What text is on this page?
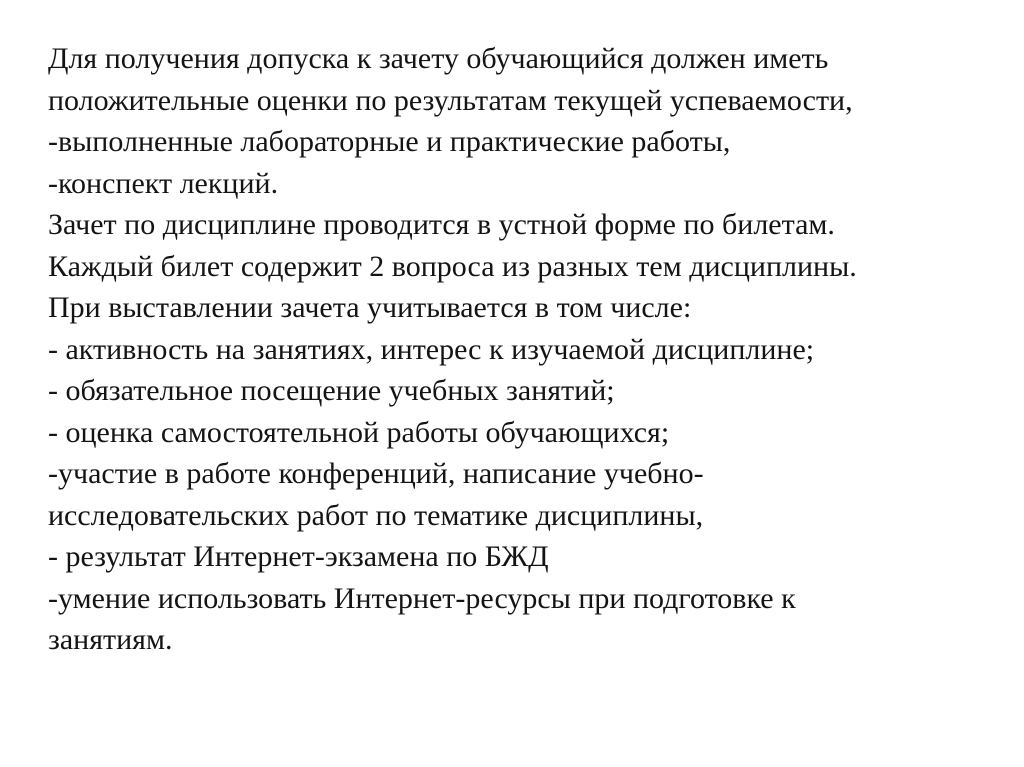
Для получения допуска к зачету обучающийся должен иметь
положительные оценки по результатам текущей успеваемости,
-выполненные лабораторные и практические работы,
-конспект лекций.
Зачет по дисциплине проводится в устной форме по билетам.
Каждый билет содержит 2 вопроса из разных тем дисциплины.
При выставлении зачета учитывается в том числе:
- активность на занятиях, интерес к изучаемой дисциплине;
- обязательное посещение учебных занятий;
- оценка самостоятельной работы обучающихся;
-участие в работе конференций, написание учебно-
исследовательских работ по тематике дисциплины,
- результат Интернет-экзамена по БЖД
-умение использовать Интернет-ресурсы при подготовке к
занятиям.
